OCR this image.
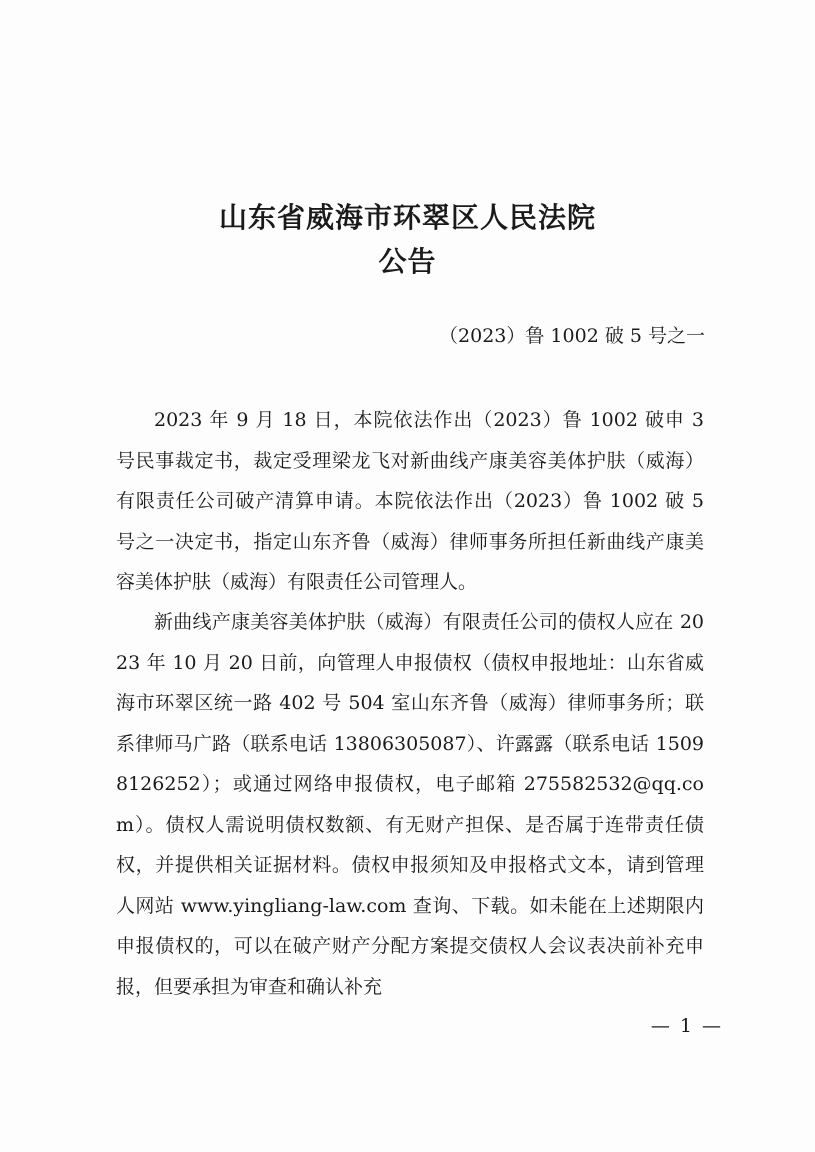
山东省威海市环翠区人民法院
公告
（2023）鲁 1002 破 5 号之一

2023 年 9 月 18 日，本院依法作出（2023）鲁 1002 破申 3 号民事裁定书，裁定受理梁龙飞对新曲线产康美容美体护肤（威海）有限责任公司破产清算申请。本院依法作出（2023）鲁 1002 破 5 号之一决定书，指定山东齐鲁（威海）律师事务所担任新曲线产康美容美体护肤（威海）有限责任公司管理人。

新曲线产康美容美体护肤（威海）有限责任公司的债权人应在 2023 年 10 月 20 日前，向管理人申报债权（债权申报地址：山东省威海市环翠区统一路 402 号 504 室山东齐鲁（威海）律师事务所；联系律师马广路（联系电话 13806305087）、许露露（联系电话 15098126252）；或通过网络申报债权，电子邮箱 275582532@qq.com）。债权人需说明债权数额、有无财产担保、是否属于连带责任债权，并提供相关证据材料。债权申报须知及申报格式文本，请到管理人网站 www.yingliang-law.com 查询、下载。如未能在上述期限内申报债权的，可以在破产财产分配方案提交债权人会议表决前补充申报，但要承担为审查和确认补充

— 1 —
